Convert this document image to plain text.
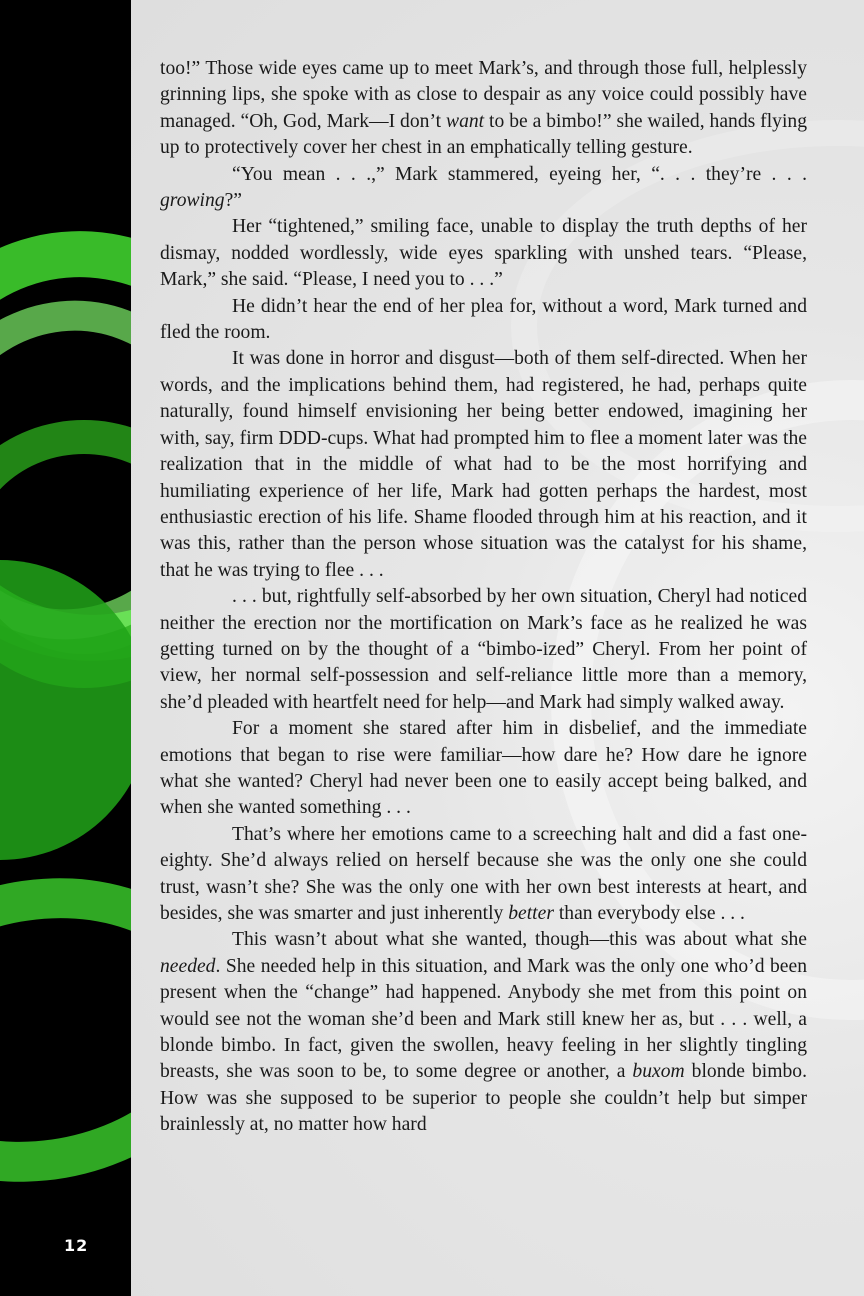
12

too!” Those wide eyes came up to meet Mark’s, and through those full, helplessly grinning lips, she spoke with as close to despair as any voice could possibly have managed. “Oh, God, Mark—I don’t want to be a bimbo!” she wailed, hands flying up to protectively cover her chest in an emphatically telling gesture.

“You mean . . .,” Mark stammered, eyeing her, “. . . they’re . . . growing?”

Her “tightened,” smiling face, unable to display the truth depths of her dismay, nodded wordlessly, wide eyes sparkling with unshed tears. “Please, Mark,” she said. “Please, I need you to . . .”

He didn’t hear the end of her plea for, without a word, Mark turned and fled the room.

It was done in horror and disgust—both of them self-directed. When her words, and the implications behind them, had registered, he had, perhaps quite naturally, found himself envisioning her being better endowed, imagining her with, say, firm DDD-cups. What had prompted him to flee a moment later was the realization that in the middle of what had to be the most horrifying and humiliating experience of her life, Mark had gotten perhaps the hardest, most enthusiastic erection of his life. Shame flooded through him at his reaction, and it was this, rather than the person whose situation was the catalyst for his shame, that he was trying to flee . . .

. . . but, rightfully self-absorbed by her own situation, Cheryl had noticed neither the erection nor the mortification on Mark’s face as he realized he was getting turned on by the thought of a “bimbo-ized” Cheryl. From her point of view, her normal self-possession and self-reliance little more than a memory, she’d pleaded with heartfelt need for help—and Mark had simply walked away.

For a moment she stared after him in disbelief, and the immediate emotions that began to rise were familiar—how dare he? How dare he ignore what she wanted? Cheryl had never been one to easily accept being balked, and when she wanted something . . .

That’s where her emotions came to a screeching halt and did a fast one-eighty. She’d always relied on herself because she was the only one she could trust, wasn’t she? She was the only one with her own best interests at heart, and besides, she was smarter and just inherently better than everybody else . . .

This wasn’t about what she wanted, though—this was about what she needed. She needed help in this situation, and Mark was the only one who’d been present when the “change” had happened. Anybody she met from this point on would see not the woman she’d been and Mark still knew her as, but . . . well, a blonde bimbo. In fact, given the swollen, heavy feeling in her slightly tingling breasts, she was soon to be, to some degree or another, a buxom blonde bimbo. How was she supposed to be superior to people she couldn’t help but simper brainlessly at, no matter how hard
